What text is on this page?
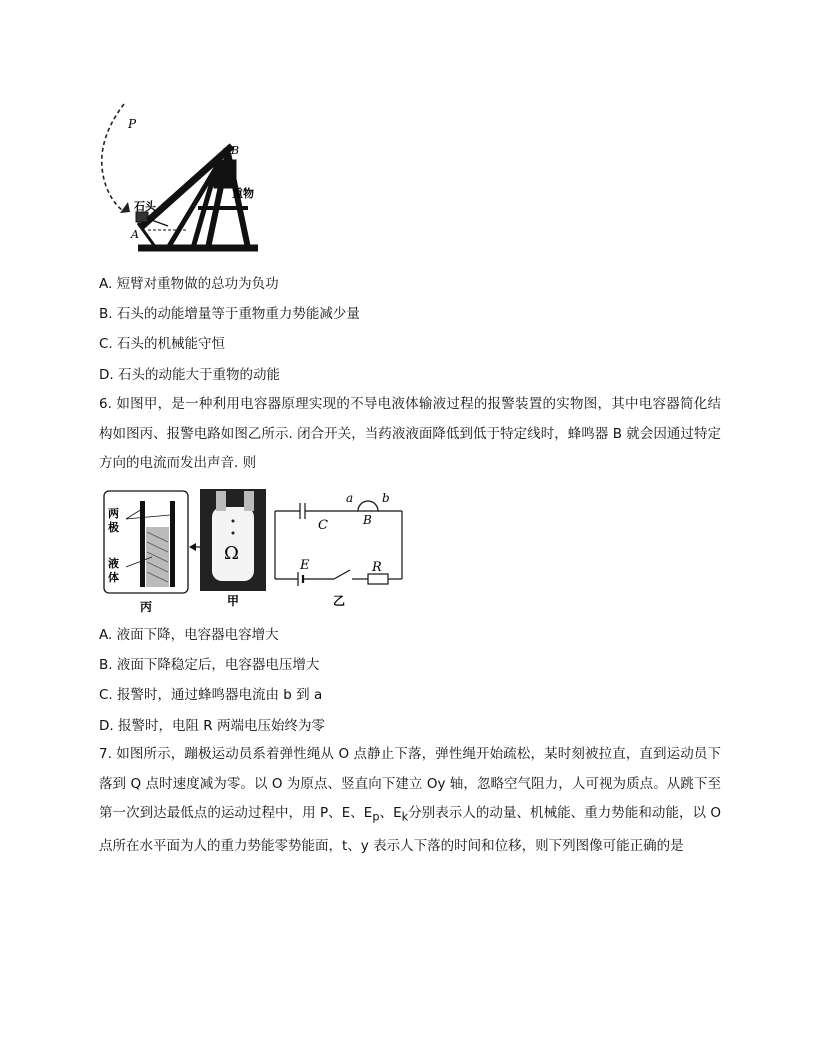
P
B
A
石头
重物
A. 短臂对重物做的总功为负功
B. 石头的动能增量等于重物重力势能减少量
C. 石头的机械能守恒
D. 石头的动能大于重物的动能
6. 如图甲，是一种利用电容器原理实现的不导电液体输液过程的报警装置的实物图，其中电容器简化结构如图丙、报警电路如图乙所示. 闭合开关，当药液液面降低到低于特定线时，蜂鸣器 B 就会因通过特定方向的电流而发出声音. 则
两
极
液
体
丙
Ω
甲
a b
B
C
E	R
乙
A. 液面下降，电容器电容增大
B. 液面下降稳定后，电容器电压增大
C. 报警时，通过蜂鸣器电流由 b 到 a
D. 报警时，电阻 R 两端电压始终为零
7. 如图所示，蹦极运动员系着弹性绳从 O 点静止下落，弹性绳开始疏松，某时刻被拉直，直到运动员下落到 Q 点时速度减为零。以 O 为原点、竖直向下建立 Oy 轴，忽略空气阻力，人可视为质点。从跳下至第一次到达最低点的运动过程中，用 P、E、$E_p$、$E_k$分别表示人的动量、机械能、重力势能和动能，以 O 点所在水平面为人的重力势能零势能面，t、y 表示人下落的时间和位移，则下列图像可能正确的是
